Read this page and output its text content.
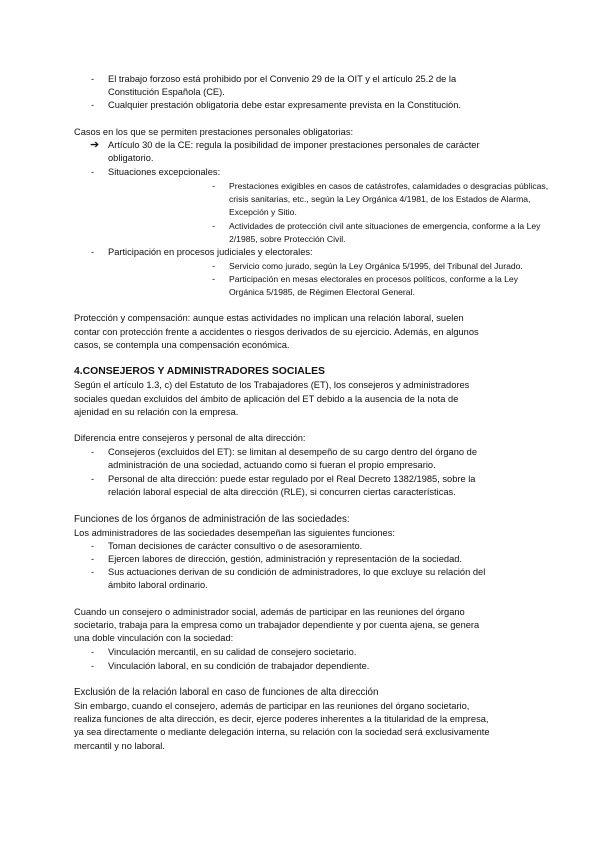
- El trabajo forzoso está prohibido por el Convenio 29 de la OIT y el artículo 25.2 de la
Constitución Española (CE).
- Cualquier prestación obligatoria debe estar expresamente prevista en la Constitución.
Casos en los que se permiten prestaciones personales obligatorias:
➔ Artículo 30 de la CE: regula la posibilidad de imponer prestaciones personales de carácter
obligatorio.
- Situaciones excepcionales:
- Prestaciones exigibles en casos de catástrofes, calamidades o desgracias públicas,
crisis sanitarias, etc., según la Ley Orgánica 4/1981, de los Estados de Alarma,
Excepción y Sitio.
- Actividades de protección civil ante situaciones de emergencia, conforme a la Ley
2/1985, sobre Protección Civil.
- Participación en procesos judiciales y electorales:
- Servicio como jurado, según la Ley Orgánica 5/1995, del Tribunal del Jurado.
- Participación en mesas electorales en procesos políticos, conforme a la Ley
Orgánica 5/1985, de Régimen Electoral General.
Protección y compensación: aunque estas actividades no implican una relación laboral, suelen
contar con protección frente a accidentes o riesgos derivados de su ejercicio. Además, en algunos
casos, se contempla una compensación económica.
4.CONSEJEROS Y ADMINISTRADORES SOCIALES
Según el artículo 1.3, c) del Estatuto de los Trabajadores (ET), los consejeros y administradores
sociales quedan excluidos del ámbito de aplicación del ET debido a la ausencia de la nota de
ajenidad en su relación con la empresa.
Diferencia entre consejeros y personal de alta dirección:
- Consejeros (excluidos del ET): se limitan al desempeño de su cargo dentro del órgano de
administración de una sociedad, actuando como si fueran el propio empresario.
- Personal de alta dirección: puede estar regulado por el Real Decreto 1382/1985, sobre la
relación laboral especial de alta dirección (RLE), si concurren ciertas características.
Funciones de los órganos de administración de las sociedades:
Los administradores de las sociedades desempeñan las siguientes funciones:
- Toman decisiones de carácter consultivo o de asesoramiento.
- Ejercen labores de dirección, gestión, administración y representación de la sociedad.
- Sus actuaciones derivan de su condición de administradores, lo que excluye su relación del
ámbito laboral ordinario.
Cuando un consejero o administrador social, además de participar en las reuniones del órgano
societario, trabaja para la empresa como un trabajador dependiente y por cuenta ajena, se genera
una doble vinculación con la sociedad:
- Vinculación mercantil, en su calidad de consejero societario.
- Vinculación laboral, en su condición de trabajador dependiente.
Exclusión de la relación laboral en caso de funciones de alta dirección
Sin embargo, cuando el consejero, además de participar en las reuniones del órgano societario,
realiza funciones de alta dirección, es decir, ejerce poderes inherentes a la titularidad de la empresa,
ya sea directamente o mediante delegación interna, su relación con la sociedad será exclusivamente
mercantil y no laboral.
